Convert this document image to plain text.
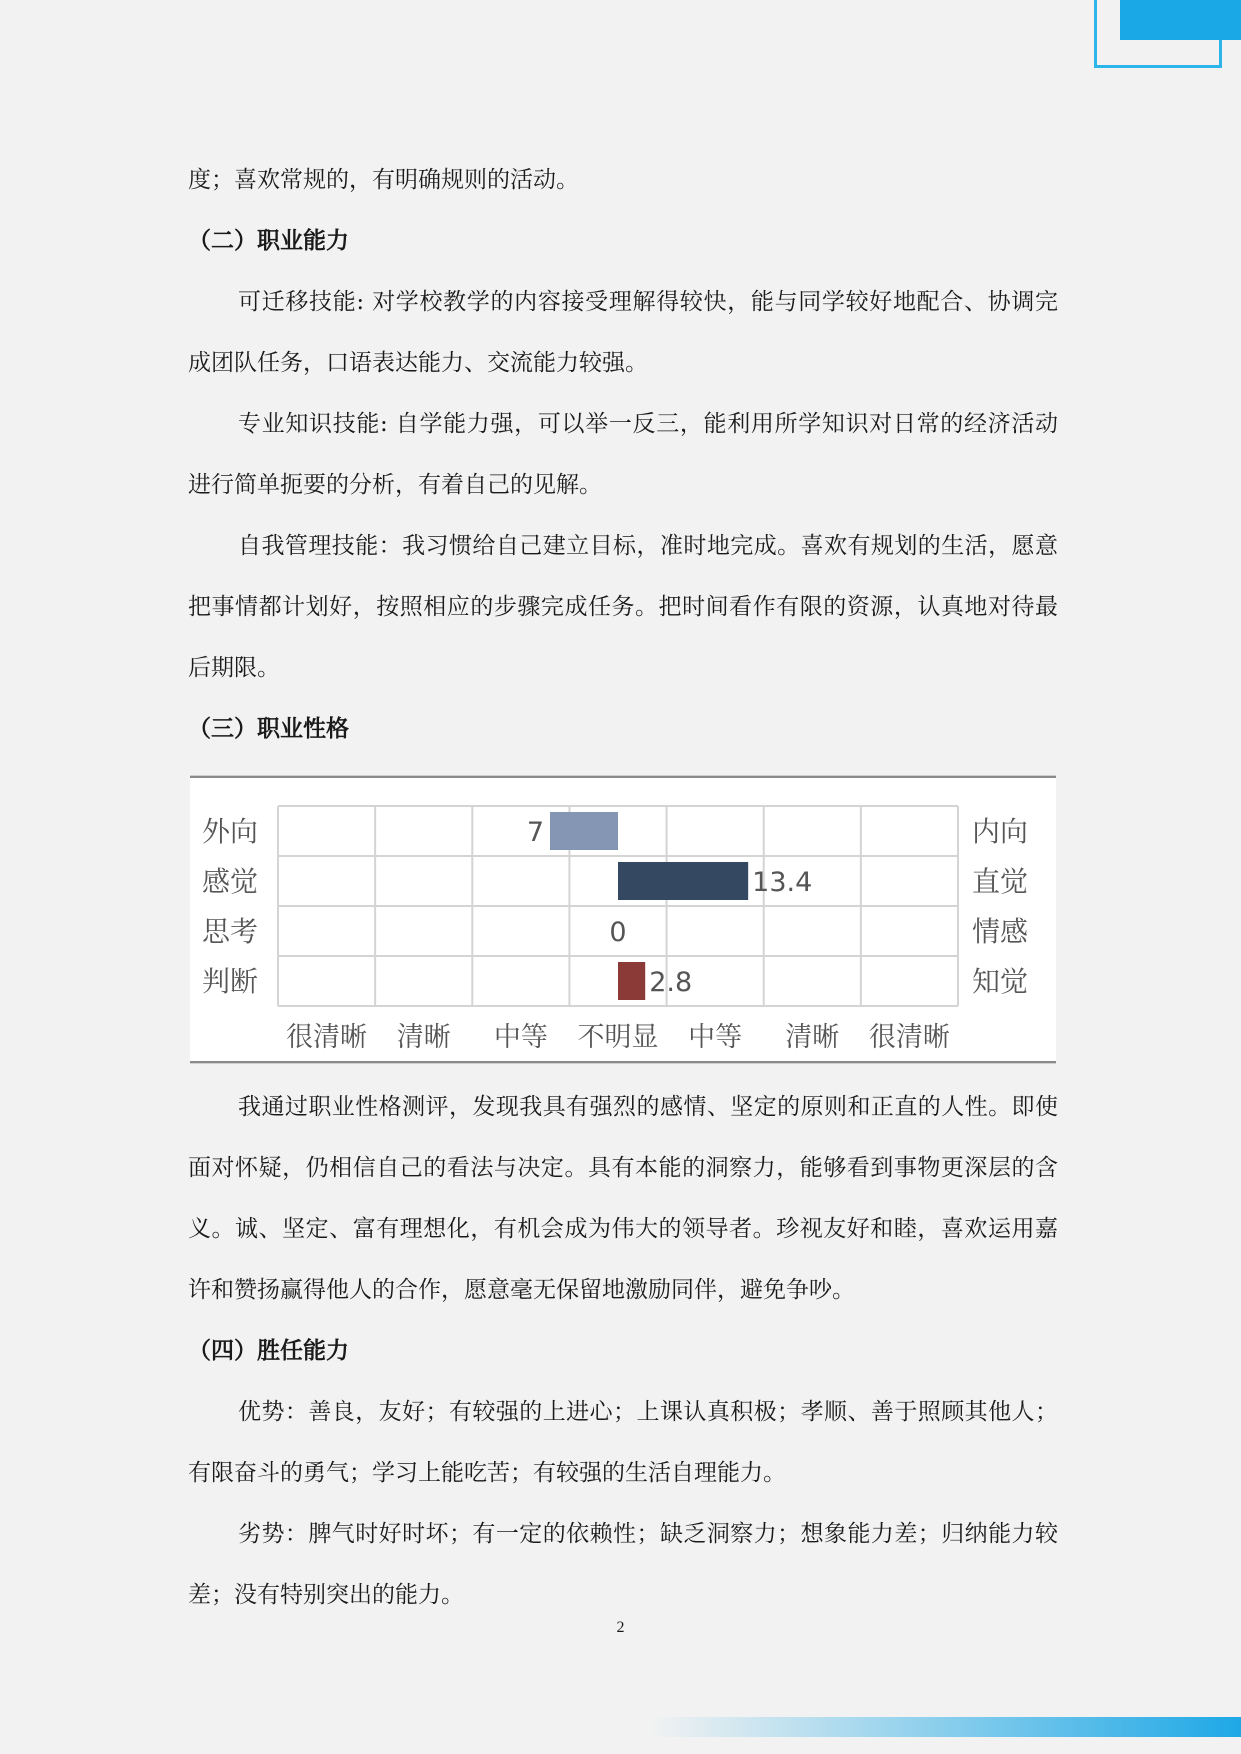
度；喜欢常规的，有明确规则的活动。

（二）职业能力

可迁移技能: 对学校教学的内容接受理解得较快，能与同学较好地配合、协调完成团队任务，口语表达能力、交流能力较强。

专业知识技能: 自学能力强，可以举一反三，能利用所学知识对日常的经济活动进行简单扼要的分析，有着自己的见解。

自我管理技能：我习惯给自己建立目标，准时地完成。喜欢有规划的生活，愿意把事情都计划好，按照相应的步骤完成任务。把时间看作有限的资源，认真地对待最后期限。

（三）职业性格

外向	内向
7
感觉	直觉
13.4
思考	情感
0
判断	知觉
2.8
很清晰 清晰 中等 不明显 中等 清晰 很清晰

我通过职业性格测评，发现我具有强烈的感情、坚定的原则和正直的人性。即使面对怀疑，仍相信自己的看法与决定。具有本能的洞察力，能够看到事物更深层的含义。诚、坚定、富有理想化，有机会成为伟大的领导者。珍视友好和睦，喜欢运用嘉许和赞扬赢得他人的合作，愿意毫无保留地激励同伴，避免争吵。

（四）胜任能力

优势：善良，友好；有较强的上进心；上课认真积极；孝顺、善于照顾其他人；有限奋斗的勇气；学习上能吃苦；有较强的生活自理能力。

劣势：脾气时好时坏；有一定的依赖性；缺乏洞察力；想象能力差；归纳能力较差；没有特别突出的能力。

2
